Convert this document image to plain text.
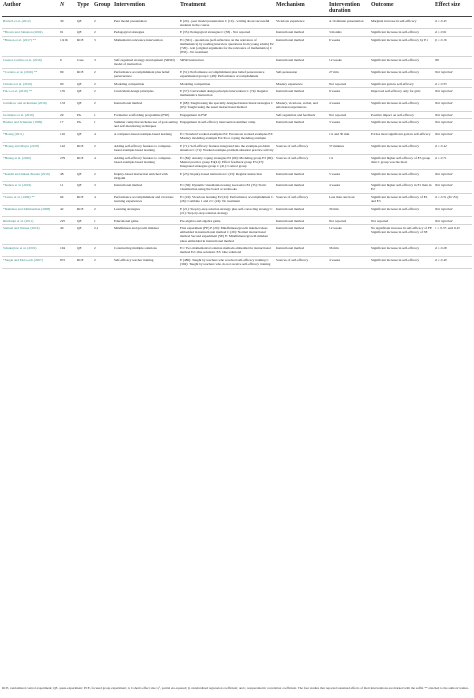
Author	N	Type	Group	Intervention	Treatment	Mechanism	Intervention duration	Outcome	Effect size
Bartsch et al. (2012)	39	QE	2	Peer model presentation	E (20) - peer model presentation C (19) - writing about successful students in the course	Vicarious experience	A 10-minute presentation	Marginal increase in self-efficacy	d = 0.45
*Brown and Johnston (2004)	91	QE	2	Pedagogical strategies	E (35): Pedagogical strategies C (58) - Not reported	Instructional method	3 months	Significant increase in self-efficacy	d = 0.61
*Bruson et al. (2017) **	1,916	RCE	3	Mathematics relevance intervention	E1 (361) - quotations (self-reflection on the relevance of mathematics) by reading interview quotations from young adults) E2 (720) - text (original arguments for the relevance of mathematics) C (835) - No treatment	Instructional method	6 weeks	Significant increase in self-efficacy by E1	β = 0.16
Cuenca-Carlino et al. (2016)	6	Case	3	Self-regulated strategy development (SRSD) model of instruction	SRSD instruction	Instructional method	12 weeks	Significant increase in self-efficacy	Nil
*Cordero et al. (2010) **	99	RCE	2	Performance accomplishment plus belief perseverance	E (51): Performance accomplishment plus belief perseverance experimental group C (48): Performance accomplishment	Self-persuasion	27 min	Significant increase in self-efficacy	Not reported
Clinchot et al. (2019)	90	QE	2	Modeling competition	Modeling competition	Mastery experience	Not reported	Significant gain in self-efficacy	d = 0.33
Falco et al. (2010) **	135	QE	2	Curriculum design principles	E (57): Curriculum design principle intervention C (74): Regular mathematics instruction	Instructional method	9 weeks	Improved self-efficacy only for girls	Not reported
Gattuhow and Ackerman (2016)	133	QE	2	Instructional method	E (68): Taught using the specially designed instructional strategies C (65): Taught using the usual instructional method	Mastery, vicarious, verbal, and emotional experiences	4 weeks	Significant increase in self-efficacy	Not reported
Grothérus et al. (2019)	29	PG	1	Formative scaffolding programme (FSP)	Engagement in FSP	Self-regulation and feedback	Not reported	Positive impact on self-efficacy	Not reported
Hauber and Schunder (1999)	17	PG	1	Summer camp that includes use of goal-setting and self-monitoring techniques	Engagement in self-efficacy intervention summer camp	Instructional method	3 weeks	Significant increase in self-efficacy	Not reported
*Hoang (2011)	116	QE	4	A computer-based example-based learning	E1: Standard worked-examples E2: Erroneous worked examples E3: Mastery modeling example E4: Poor coping modeling example		1 h and 30 min	E4 has most significant gain in self-efficacy	Not reported
*Hoang and Mayer (2018)	142	RCE	2	Adding self-efficacy features to computer-based example-based learning	E (71): Self-efficacy features integrated into the example-problem situation C (71): Worked example-problem situation practice activity	Sources of self-efficacy	37 minutes	Significant increase in self-efficacy	d = 0.44
*Huang et al. (2020)	279	RCE	4	Adding self-efficacy features to computer-based example-based learning	E1 (82): Anxiety coping strategies E2 (69): Modeling group E3 (69): Mental practice group E4(41): Effect feedback group E5 (47): Integrated strategies group C (41): Control group	Sources of self-efficacy	1 h	Significant higher self-efficacy of E3 group than C group was the most	d = 0.71
*Kandil and Isiksal-Bostan (2019)	48	QE	2	Inquiry-based instruction enriched with Origami	E (23): Inquiry-based instruction C (25): Regular instruction	Instructional method	5 weeks	Significant increase in self-efficacy	Not reported
*Kuhon et al. (2019)	11	QE	3	Instructional method	E1 (36): Dynamic visualization using GeoGebra E2 (35): Static visualization using the board or textbooks	Instructional method	4 weeks	Significant higher self-efficacy in E1 than in E2	Not reported
*Luzzo et al. (1999) **	94	RCE	4	Performance accomplishment and vicarious learning experiences	E1 (22): Vicarious learning E2 (22): Performance accomplishment C (26): Combine 1 and 2 C (24): No treatment	Sources of self-efficacy	Less than one hour	Significant increase in self-efficacy of E2 and E3	d = 0.51 (for E2)
*Ramdass and Zimmerman (2008)	42	RCE	2	Learning strategies	E (21): Step-by-step solution strategy plus self-correcting strategy C (21): Step-by-step solution strategy	Instructional method	30 min	Significant increase in self-efficacy	Not reported
Ritzhaupt et al. (2011)	225	QE	1	Educational game	Pre-algebra and algebra game	Instructional method	Not reported	Not reported	Not reported
Samuel and Warner (2019)	40	QE	2,1	Mindfulness and growth mindset	First experiment (FE) E (20): Mindfulness/growth mindset ideas embedded in instructional method C (20): Normal instructional method Second experiment (SE) E: Mindfulness/growth mindset ideas embedded in instructional method	Instructional method	12 weeks	No significant increase in self-efficacy of FE Significant increase in self-efficacy of SE	r = 0.37, and 0.45
Schukajlow et al. (2019)	104	QE	2	Constructing multiple solutions	E1: Two mathematical solution methods embedded in instructional method E2: One solution1 E3: One solution2	Instructional method	36 min	Significant increase in self-efficacy	d = 0.28
*Siegle and McCoach (2007)	872	RCE	2	Self-efficacy teacher training	E (480): Taught by teachers who received self-efficacy training C (392): Taught by teachers who do not receive self-efficacy training	Sources of self-efficacy	4 weeks	Significant increase in self-efficacy	d = 0.40
RCE, randomized control experiment; QE, quasi-experiment; PCE, focused group experiment; d, Cohen's effect size; η², partial eta-squared; β, standardized regression coefficient; and r, nonparametric correlation coefficient. The four studies that reported sustained effects of their interventions are marked with the suffix ** attached to the authors' names.
